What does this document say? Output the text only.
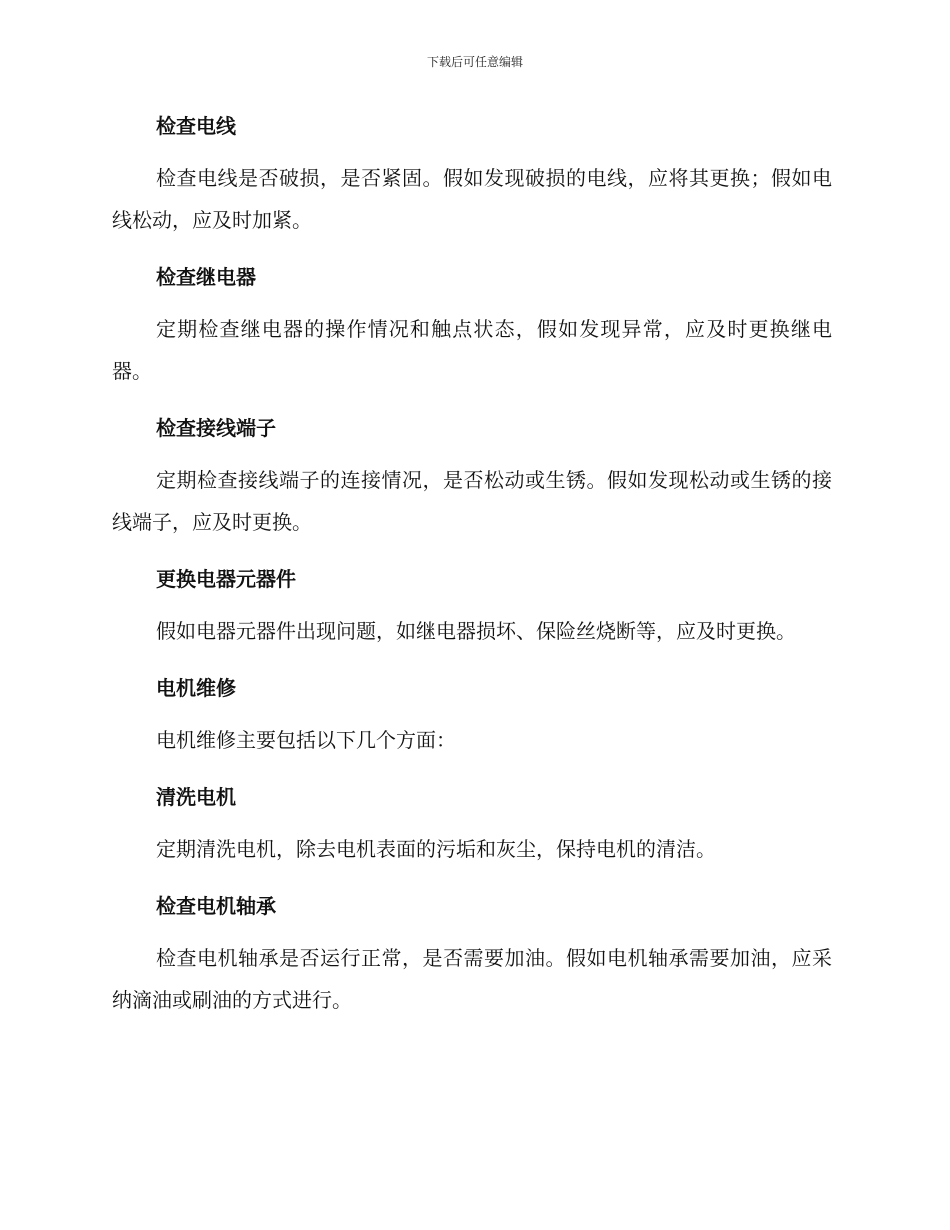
下载后可任意编辑
检查电线
检查电线是否破损，是否紧固。假如发现破损的电线，应将其更换；假如电线松动，应及时加紧。
检查继电器
定期检查继电器的操作情况和触点状态，假如发现异常，应及时更换继电器。
检查接线端子
定期检查接线端子的连接情况，是否松动或生锈。假如发现松动或生锈的接线端子，应及时更换。
更换电器元器件
假如电器元器件出现问题，如继电器损坏、保险丝烧断等，应及时更换。
电机维修
电机维修主要包括以下几个方面：
清洗电机
定期清洗电机，除去电机表面的污垢和灰尘，保持电机的清洁。
检查电机轴承
检查电机轴承是否运行正常，是否需要加油。假如电机轴承需要加油，应采纳滴油或刷油的方式进行。
